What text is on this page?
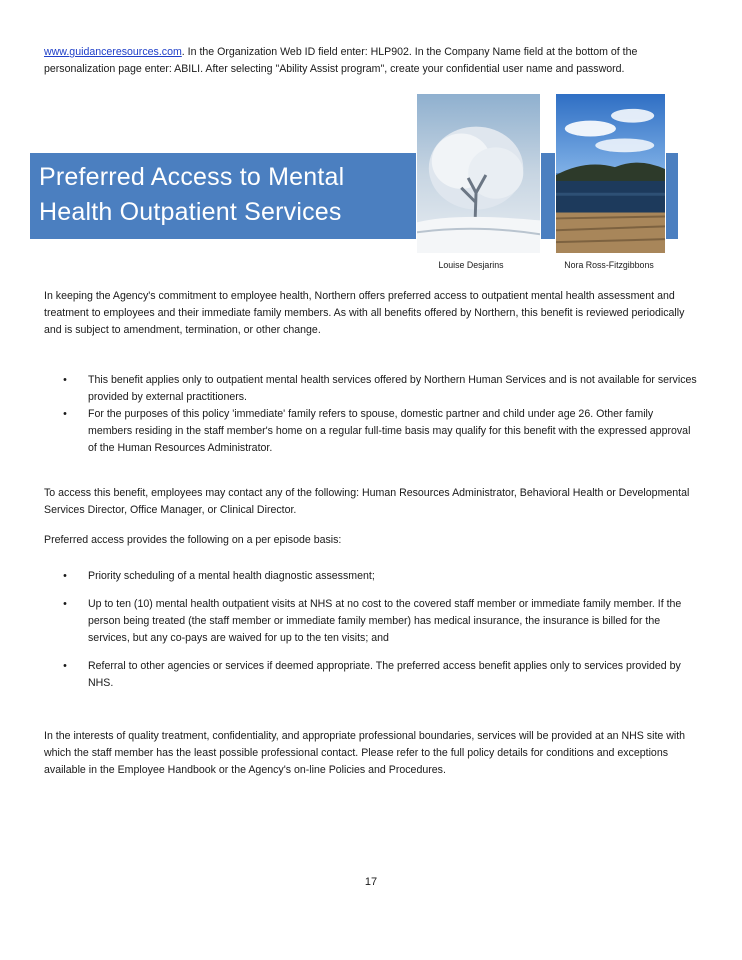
www.guidanceresources.com. In the Organization Web ID field enter: HLP902. In the Company Name field at the bottom of the personalization page enter: ABILI. After selecting "Ability Assist program", create your confidential user name and password.

Preferred Access to Mental Health Outpatient Services

Louise Desjarins	Nora Ross-Fitzgibbons

In keeping the Agency's commitment to employee health, Northern offers preferred access to outpatient mental health assessment and treatment to employees and their immediate family members. As with all benefits offered by Northern, this benefit is reviewed periodically and is subject to amendment, termination, or other change.

• This benefit applies only to outpatient mental health services offered by Northern Human Services and is not available for services provided by external practitioners.
• For the purposes of this policy 'immediate' family refers to spouse, domestic partner and child under age 26. Other family members residing in the staff member's home on a regular full-time basis may qualify for this benefit with the expressed approval of the Human Resources Administrator.

To access this benefit, employees may contact any of the following: Human Resources Administrator, Behavioral Health or Developmental Services Director, Office Manager, or Clinical Director.

Preferred access provides the following on a per episode basis:

• Priority scheduling of a mental health diagnostic assessment;
• Up to ten (10) mental health outpatient visits at NHS at no cost to the covered staff member or immediate family member. If the person being treated (the staff member or immediate family member) has medical insurance, the insurance is billed for the services, but any co-pays are waived for up to the ten visits; and
• Referral to other agencies or services if deemed appropriate. The preferred access benefit applies only to services provided by NHS.

In the interests of quality treatment, confidentiality, and appropriate professional boundaries, services will be provided at an NHS site with which the staff member has the least possible professional contact. Please refer to the full policy details for conditions and exceptions available in the Employee Handbook or the Agency's on-line Policies and Procedures.

17
